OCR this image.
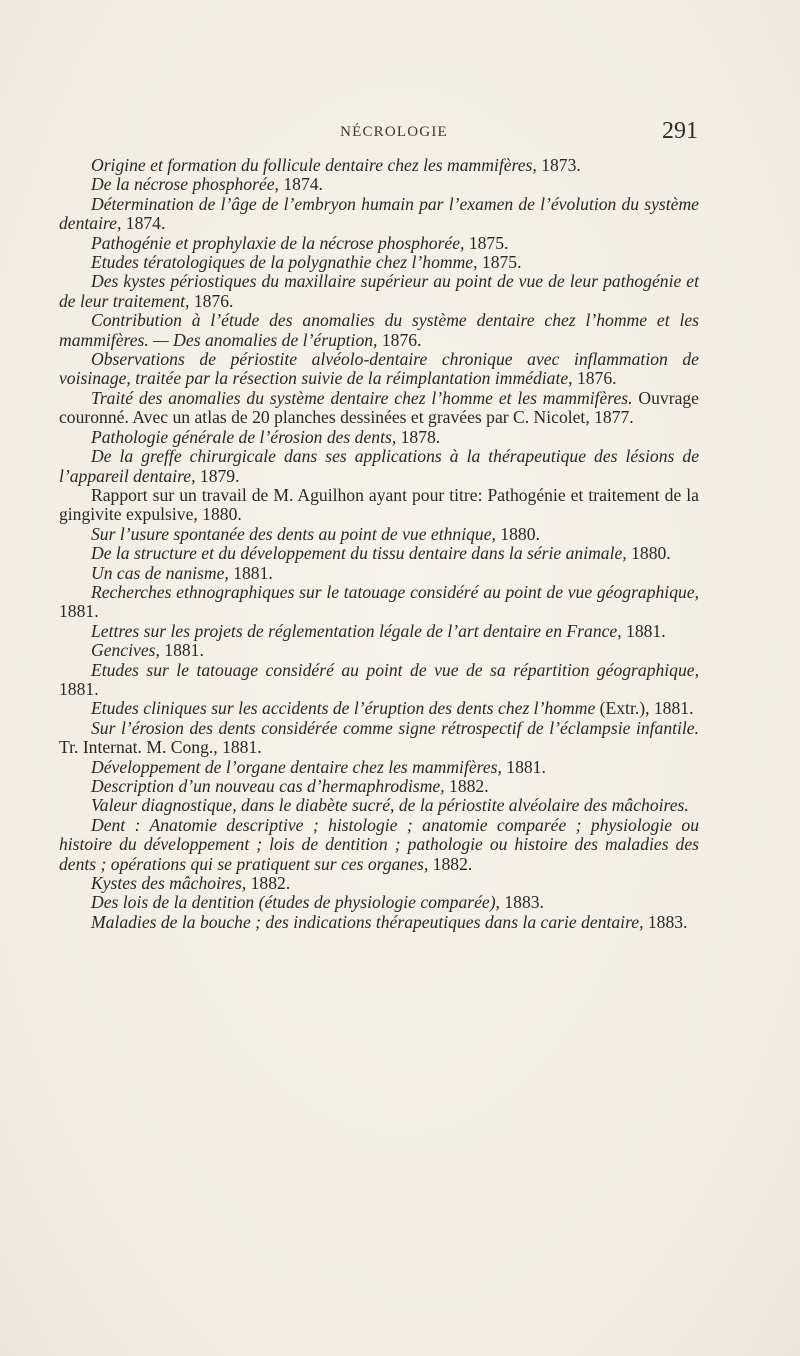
NÉCROLOGIE	291

Origine et formation du follicule dentaire chez les mammifères, 1873.

De la nécrose phosphorée, 1874.

Détermination de l’âge de l’embryon humain par l’examen de l’évolution du système dentaire, 1874.

Pathogénie et prophylaxie de la nécrose phosphorée, 1875.

Etudes tératologiques de la polygnathie chez l’homme, 1875.

Des kystes périostiques du maxillaire supérieur au point de vue de leur pathogénie et de leur traitement, 1876.

Contribution à l’étude des anomalies du système dentaire chez l’homme et les mammifères. — Des anomalies de l’éruption, 1876.

Observations de périostite alvéolo-dentaire chronique avec inflammation de voisinage, traitée par la résection suivie de la réimplantation immédiate, 1876.

Traité des anomalies du système dentaire chez l’homme et les mammifères. Ouvrage couronné. Avec un atlas de 20 planches dessinées et gravées par C. Nicolet, 1877.

Pathologie générale de l’érosion des dents, 1878.

De la greffe chirurgicale dans ses applications à la thérapeutique des lésions de l’appareil dentaire, 1879.

Rapport sur un travail de M. Aguilhon ayant pour titre: Pathogénie et traitement de la gingivite expulsive, 1880.

Sur l’usure spontanée des dents au point de vue ethnique, 1880.

De la structure et du développement du tissu dentaire dans la série animale, 1880.

Un cas de nanisme, 1881.

Recherches ethnographiques sur le tatouage considéré au point de vue géographique, 1881.

Lettres sur les projets de réglementation légale de l’art dentaire en France, 1881.

Gencives, 1881.

Etudes sur le tatouage considéré au point de vue de sa répartition géographique, 1881.

Etudes cliniques sur les accidents de l’éruption des dents chez l’homme (Extr.), 1881.

Sur l’érosion des dents considérée comme signe rétrospectif de l’éclampsie infantile. Tr. Internat. M. Cong., 1881.

Développement de l’organe dentaire chez les mammifères, 1881.

Description d’un nouveau cas d’hermaphrodisme, 1882.

Valeur diagnostique, dans le diabète sucré, de la périostite alvéolaire des mâchoires.

Dent : Anatomie descriptive ; histologie ; anatomie comparée ; physiologie ou histoire du développement ; lois de dentition ; pathologie ou histoire des maladies des dents ; opérations qui se pratiquent sur ces organes, 1882.

Kystes des mâchoires, 1882.

Des lois de la dentition (études de physiologie comparée), 1883.

Maladies de la bouche ; des indications thérapeutiques dans la carie dentaire, 1883.
